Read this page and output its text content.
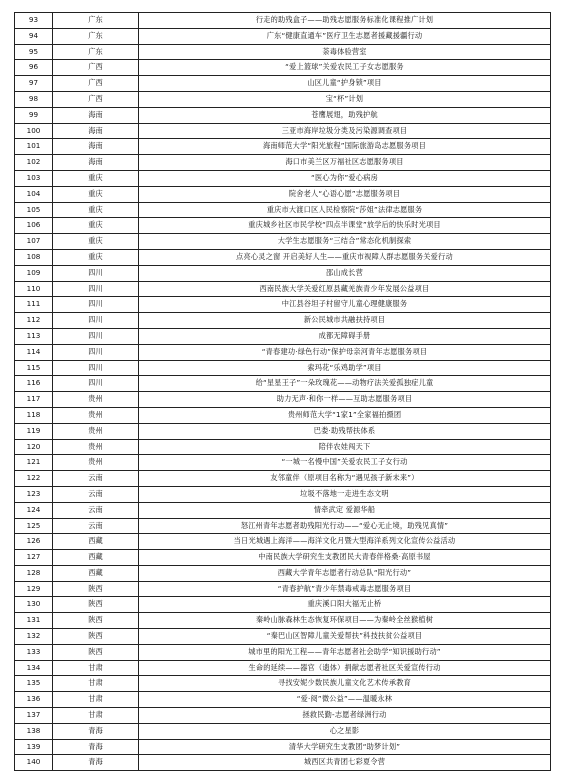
93	广东	行走的助残盒子——助残志愿服务标准化课程推广计划
94	广东	广东“健康直通车”医疗卫生志愿者援藏援疆行动
95	广东	荼毒体验营室
96	广西	“爱上篮球”关爱农民工子女志愿服务
97	广西	山区儿童“护身锁”项目
98	广西	宝“杯”计划
99	海南	苍鹰展翅，助残护航
100	海南	三亚市海岸垃圾分类及污染源调查项目
101	海南	海南师范大学“阳光旅程”国际旅游岛志愿服务项目
102	海南	海口市美兰区万福社区志愿服务项目
103	重庆	“医心为你”爱心病房
104	重庆	院舍老人“心语心愿”志愿服务项目
105	重庆	重庆市大渡口区人民检察院“莎姐”法律志愿服务
106	重庆	重庆城乡社区市民学校“四点半课堂”放学后的快乐时光项目
107	重庆	大学生志愿服务“三结合”常态化机制探索
108	重庆	点亮心灵之窗 开启美好人生——重庆市视障人群志愿服务关爱行动
109	四川	邵山成长营
110	四川	西南民族大学关爱红原县藏羌族青少年发展公益项目
111	四川	中江县谷坦子村留守儿童心理健康服务
112	四川	新公民城市共融扶持项目
113	四川	成都无障碍手册
114	四川	“青春建功·绿色行动”保护母亲河青年志愿服务项目
115	四川	索玛花“乐鸡助学”项目
116	四川	给“星星王子”一朵玫瑰花——动物疗法关爱孤独症儿童
117	贵州	助力无声·和你一样——互助志愿服务项目
118	贵州	贵州师范大学“1家1”全家福拍摄团
119	贵州	巴娄·助残帮扶体系
120	贵州	陪伴农娃闯天下
121	贵州	“一城一名慢中国”关爱农民工子女行动
122	云南	友邻童伴（原项目名称为“遇见孩子新未来”）
123	云南	垃圾不落地一走进生态文明
124	云南	情牵武定 爱源华船
125	云南	怒江州青年志愿者助残阳光行动——“爱心无止境，助残见真情”
126	西藏	当日光城遇上海洋——海洋文化月暨大型海洋系列文化宣传公益活动
127	西藏	中南民族大学研究生支教团民大青春伴格桑·高原书屋
128	西藏	西藏大学青年志愿者行动总队“阳光行动”
129	陕西	“青春护航”青少年禁毒戒毒志愿服务项目
130	陕西	重庆溪口阳大福无止桥
131	陕西	秦岭山脉森林生态恢复环保项目——为秦岭全丝猴植树
132	陕西	“秦巴山区智障儿童关爱帮扶”科技扶贫公益项目
133	陕西	城市里的阳光工程——青年志愿者社会助学“知识援助行动”
134	甘肃	生命的延续——器官（遗体）捐献志愿者社区关爱宣传行动
135	甘肃	寻找安妮少数民族儿童文化艺术传承教育
136	甘肃	“爱·阅”微公益”——温暖永林
137	甘肃	拯救民勤-志愿者绿洲行动
138	青海	心之星影
139	青海	清华大学研究生支教团“助梦计划”
140	青海	城西区共青团七彩夏令营
